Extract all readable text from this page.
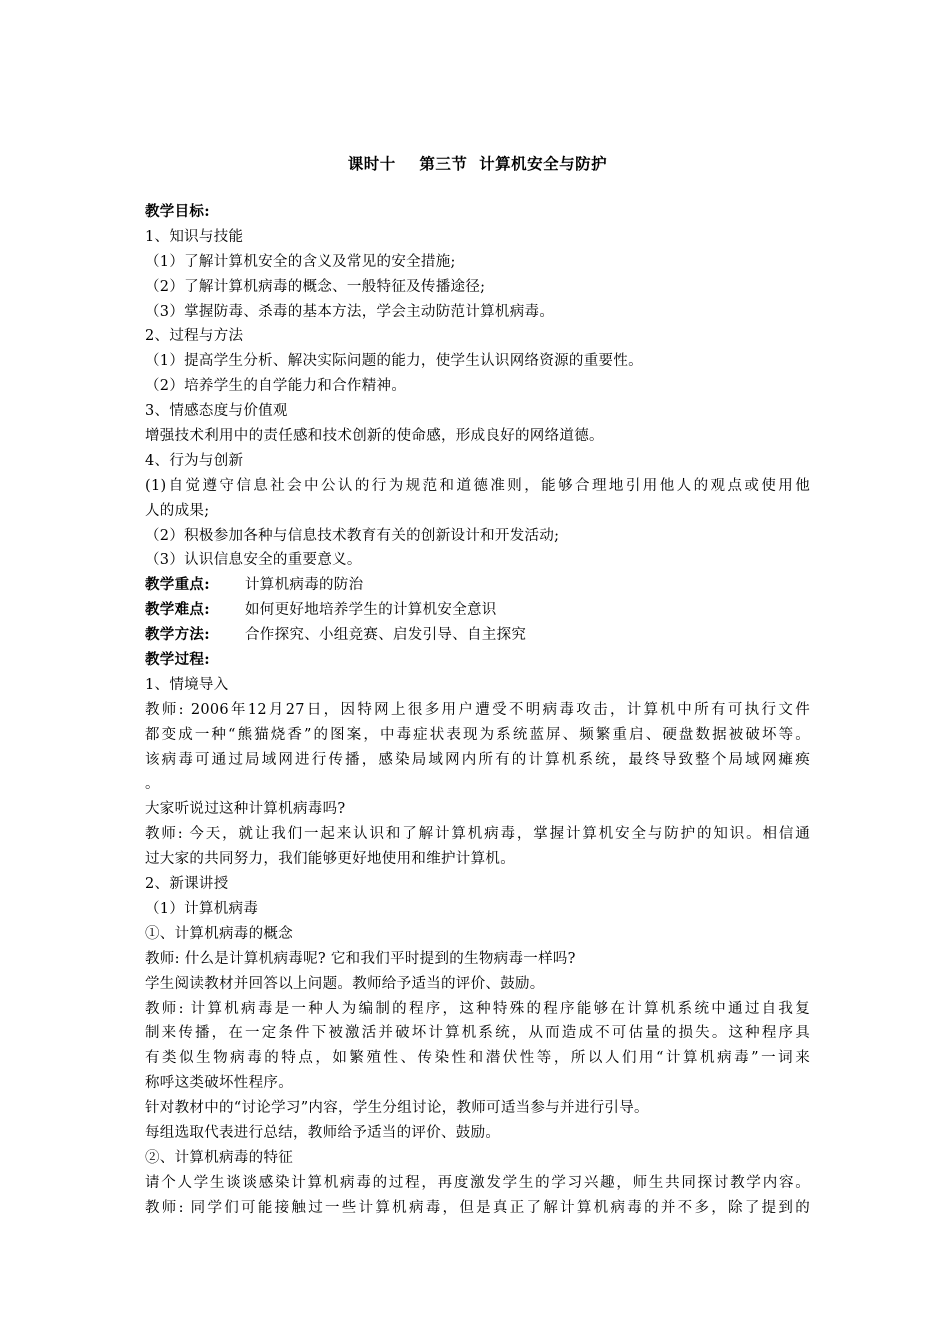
课时十    第三节  计算机安全与防护
教学目标:
1、知识与技能
（1）了解计算机安全的含义及常见的安全措施;
（2）了解计算机病毒的概念、一般特征及传播途径;
（3）掌握防毒、杀毒的基本方法，学会主动防范计算机病毒。
2、过程与方法
（1）提高学生分析、解决实际问题的能力，使学生认识网络资源的重要性。
（2）培养学生的自学能力和合作精神。
3、情感态度与价值观
增强技术利用中的责任感和技术创新的使命感，形成良好的网络道德。
4、行为与创新
(1)自觉遵守信息社会中公认的行为规范和道德准则，能够合理地引用他人的观点或使用他
人的成果;
（2）积极参加各种与信息技术教育有关的创新设计和开发活动;
（3）认识信息安全的重要意义。
教学重点: 计算机病毒的防治
教学难点: 如何更好地培养学生的计算机安全意识
教学方法: 合作探究、小组竞赛、启发引导、自主探究
教学过程:
1、情境导入
教师: 2006年12月27日，因特网上很多用户遭受不明病毒攻击，计算机中所有可执行文件
都变成一种“熊猫烧香”的图案，中毒症状表现为系统蓝屏、频繁重启、硬盘数据被破坏等。
该病毒可通过局域网进行传播，感染局域网内所有的计算机系统，最终导致整个局域网瘫痪
。
大家听说过这种计算机病毒吗?
教师: 今天，就让我们一起来认识和了解计算机病毒，掌握计算机安全与防护的知识。相信通
过大家的共同努力，我们能够更好地使用和维护计算机。
2、新课讲授
（1）计算机病毒
①、计算机病毒的概念
教师: 什么是计算机病毒呢? 它和我们平时提到的生物病毒一样吗?
学生阅读教材并回答以上问题。教师给予适当的评价、鼓励。
教师: 计算机病毒是一种人为编制的程序，这种特殊的程序能够在计算机系统中通过自我复
制来传播，在一定条件下被激活并破坏计算机系统，从而造成不可估量的损失。这种程序具
有类似生物病毒的特点，如繁殖性、传染性和潜伏性等，所以人们用“计算机病毒”一词来
称呼这类破坏性程序。
针对教材中的“讨论学习”内容，学生分组讨论，教师可适当参与并进行引导。
每组选取代表进行总结，教师给予适当的评价、鼓励。
②、计算机病毒的特征
请个人学生谈谈感染计算机病毒的过程，再度激发学生的学习兴趣，师生共同探讨教学内容。
教师: 同学们可能接触过一些计算机病毒，但是真正了解计算机病毒的并不多，除了提到的
